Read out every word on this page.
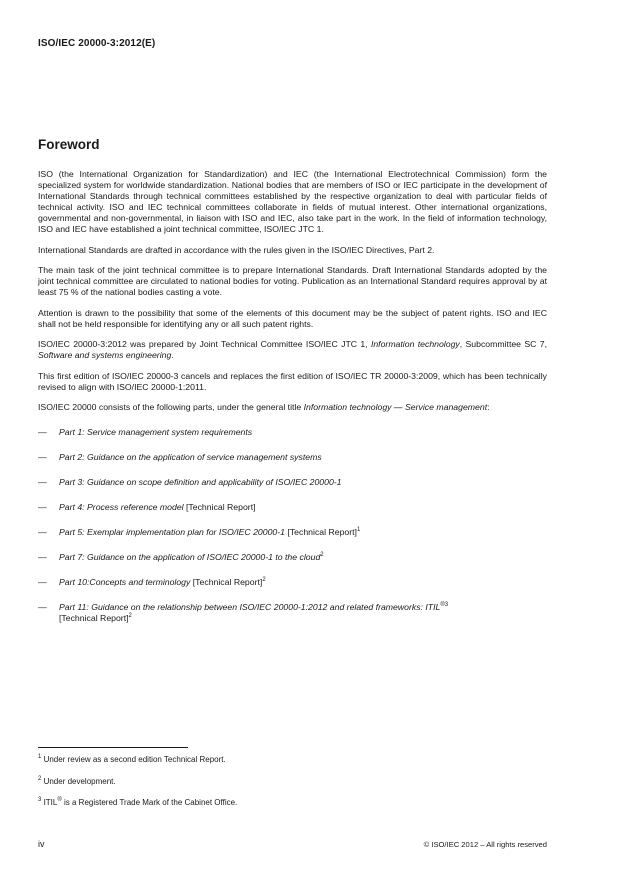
ISO/IEC 20000-3:2012(E)
Foreword

ISO (the International Organization for Standardization) and IEC (the International Electrotechnical Commission) form the specialized system for worldwide standardization. National bodies that are members of ISO or IEC participate in the development of International Standards through technical committees established by the respective organization to deal with particular fields of technical activity. ISO and IEC technical committees collaborate in fields of mutual interest. Other international organizations, governmental and non-governmental, in liaison with ISO and IEC, also take part in the work. In the field of information technology, ISO and IEC have established a joint technical committee, ISO/IEC JTC 1.

International Standards are drafted in accordance with the rules given in the ISO/IEC Directives, Part 2.

The main task of the joint technical committee is to prepare International Standards. Draft International Standards adopted by the joint technical committee are circulated to national bodies for voting. Publication as an International Standard requires approval by at least 75 % of the national bodies casting a vote.

Attention is drawn to the possibility that some of the elements of this document may be the subject of patent rights. ISO and IEC shall not be held responsible for identifying any or all such patent rights.

ISO/IEC 20000-3:2012 was prepared by Joint Technical Committee ISO/IEC JTC 1, Information technology, Subcommittee SC 7, Software and systems engineering.

This first edition of ISO/IEC 20000-3 cancels and replaces the first edition of ISO/IEC TR 20000-3:2009, which has been technically revised to align with ISO/IEC 20000-1:2011.

ISO/IEC 20000 consists of the following parts, under the general title Information technology — Service management:

— Part 1: Service management system requirements
— Part 2: Guidance on the application of service management systems
— Part 3: Guidance on scope definition and applicability of ISO/IEC 20000-1
— Part 4: Process reference model [Technical Report]
— Part 5: Exemplar implementation plan for ISO/IEC 20000-1 [Technical Report]$^1$
— Part 7: Guidance on the application of ISO/IEC 20000-1 to the cloud$^2$
— Part 10:Concepts and terminology [Technical Report]$^2$
— Part 11: Guidance on the relationship between ISO/IEC 20000-1:2012 and related frameworks: $ITIL^{®3}$
[Technical Report]$^2$

$^1$ Under review as a second edition Technical Report.

$^2$ Under development.

$^3$ ITIL® is a Registered Trade Mark of the Cabinet Office.

iv	© ISO/IEC 2012 – All rights reserved
